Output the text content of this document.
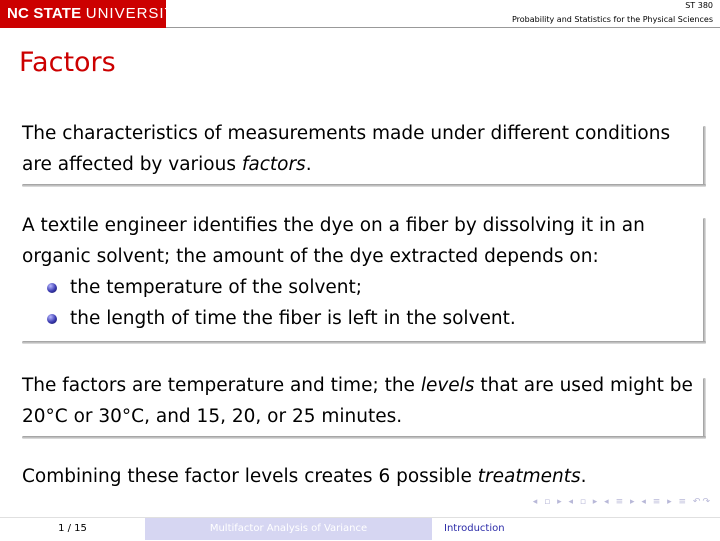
NC STATE UNIVERSITY	ST 380
Probability and Statistics for the Physical Sciences
Factors
The characteristics of measurements made under different conditions are affected by various factors.
A textile engineer identifies the dye on a fiber by dissolving it in an organic solvent; the amount of the dye extracted depends on:
the temperature of the solvent;
the length of time the fiber is left in the solvent.
The factors are temperature and time; the levels that are used might be 20°C or 30°C, and 15, 20, or 25 minutes.
Combining these factor levels creates 6 possible treatments.
◂ ▫ ▸ ◂ ▫ ▸ ◂ ≡ ▸ ◂ ≡ ▸ ≡ ↶↷
1 / 15	Multifactor Analysis of Variance	Introduction
